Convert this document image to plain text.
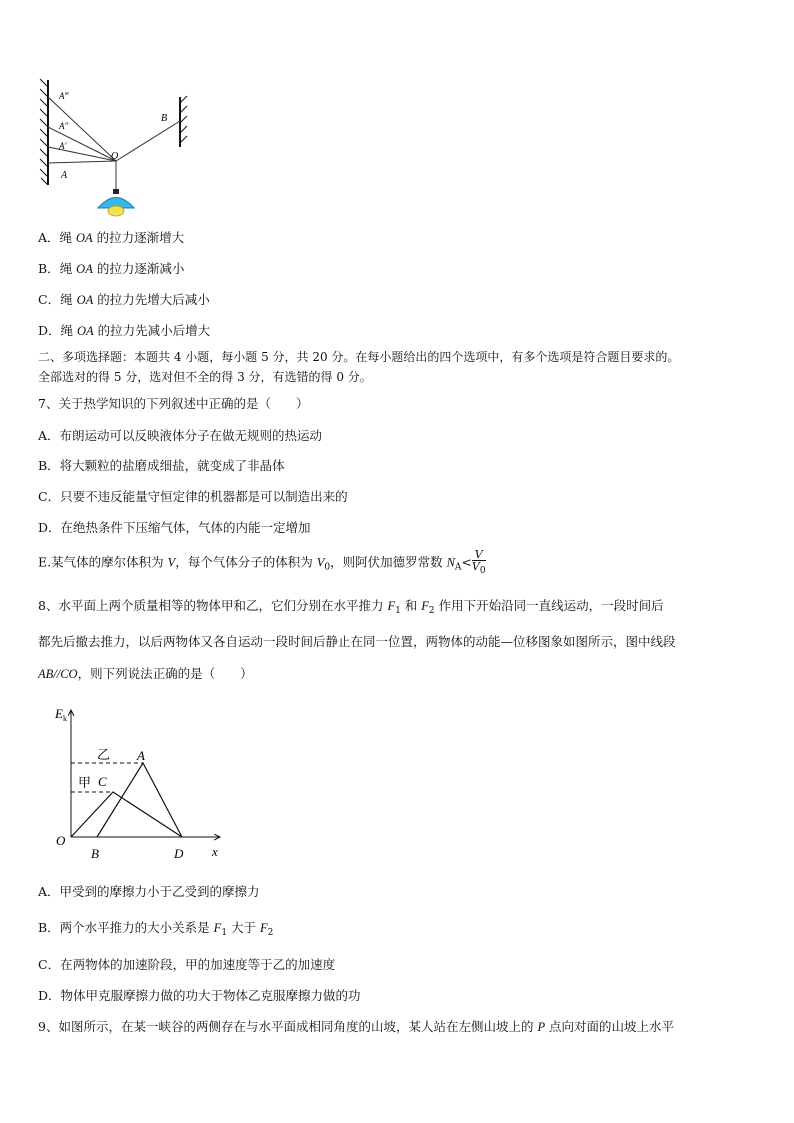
A‴
A″
A′
A
O
B
A．绳 OA 的拉力逐渐增大
B．绳 OA 的拉力逐渐减小
C．绳 OA 的拉力先增大后减小
D．绳 OA 的拉力先减小后增大
二、多项选择题：本题共 4 小题，每小题 5 分，共 20 分。在每小题给出的四个选项中，有多个选项是符合题目要求的。
全部选对的得 5 分，选对但不全的得 3 分，有选错的得 0 分。
7、关于热学知识的下列叙述中正确的是（　　）
A．布朗运动可以反映液体分子在做无规则的热运动
B．将大颗粒的盐磨成细盐，就变成了非晶体
C．只要不违反能量守恒定律的机器都是可以制造出来的
D．在绝热条件下压缩气体，气体的内能一定增加
E.某气体的摩尔体积为 V，每个气体分子的体积为 $V_0$，则阿伏加德罗常数 $N_A< \frac{V}{V_0}$
8、水平面上两个质量相等的物体甲和乙，它们分别在水平推力 $F_1$ 和 $F_2$ 作用下开始沿同一直线运动，一段时间后
都先后撤去推力，以后两物体又各自运动一段时间后静止在同一位置，两物体的动能—位移图象如图所示，图中线段
AB//CO，则下列说法正确的是（　　）
$E_k$
乙
甲
A
C
O
B	D x
A．甲受到的摩擦力小于乙受到的摩擦力
B．两个水平推力的大小关系是 $F_1$ 大于 $F_2$
C．在两物体的加速阶段，甲的加速度等于乙的加速度
D．物体甲克服摩擦力做的功大于物体乙克服摩擦力做的功
9、如图所示，在某一峡谷的两侧存在与水平面成相同角度的山坡，某人站在左侧山坡上的 P 点向对面的山坡上水平
